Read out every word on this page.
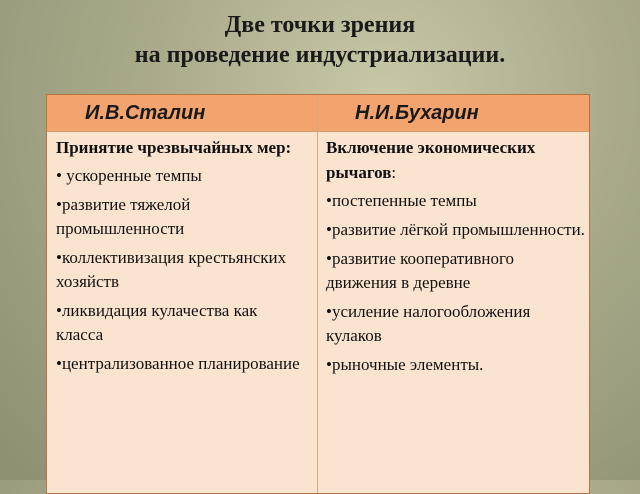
Две точки зрения
на проведение индустриализации.
И.В.Сталин	Н.И.Бухарин
Принятие чрезвычайных мер:
• ускоренные темпы
•развитие тяжелой промышленности
•коллективизация крестьянских хозяйств
•ликвидация кулачества как класса
•централизованное планирование
Включение экономических рычагов:
•постепенные темпы
•развитие лёгкой промышленности.
•развитие кооперативного движения в деревне
•усиление налогообложения кулаков
•рыночные элементы.
